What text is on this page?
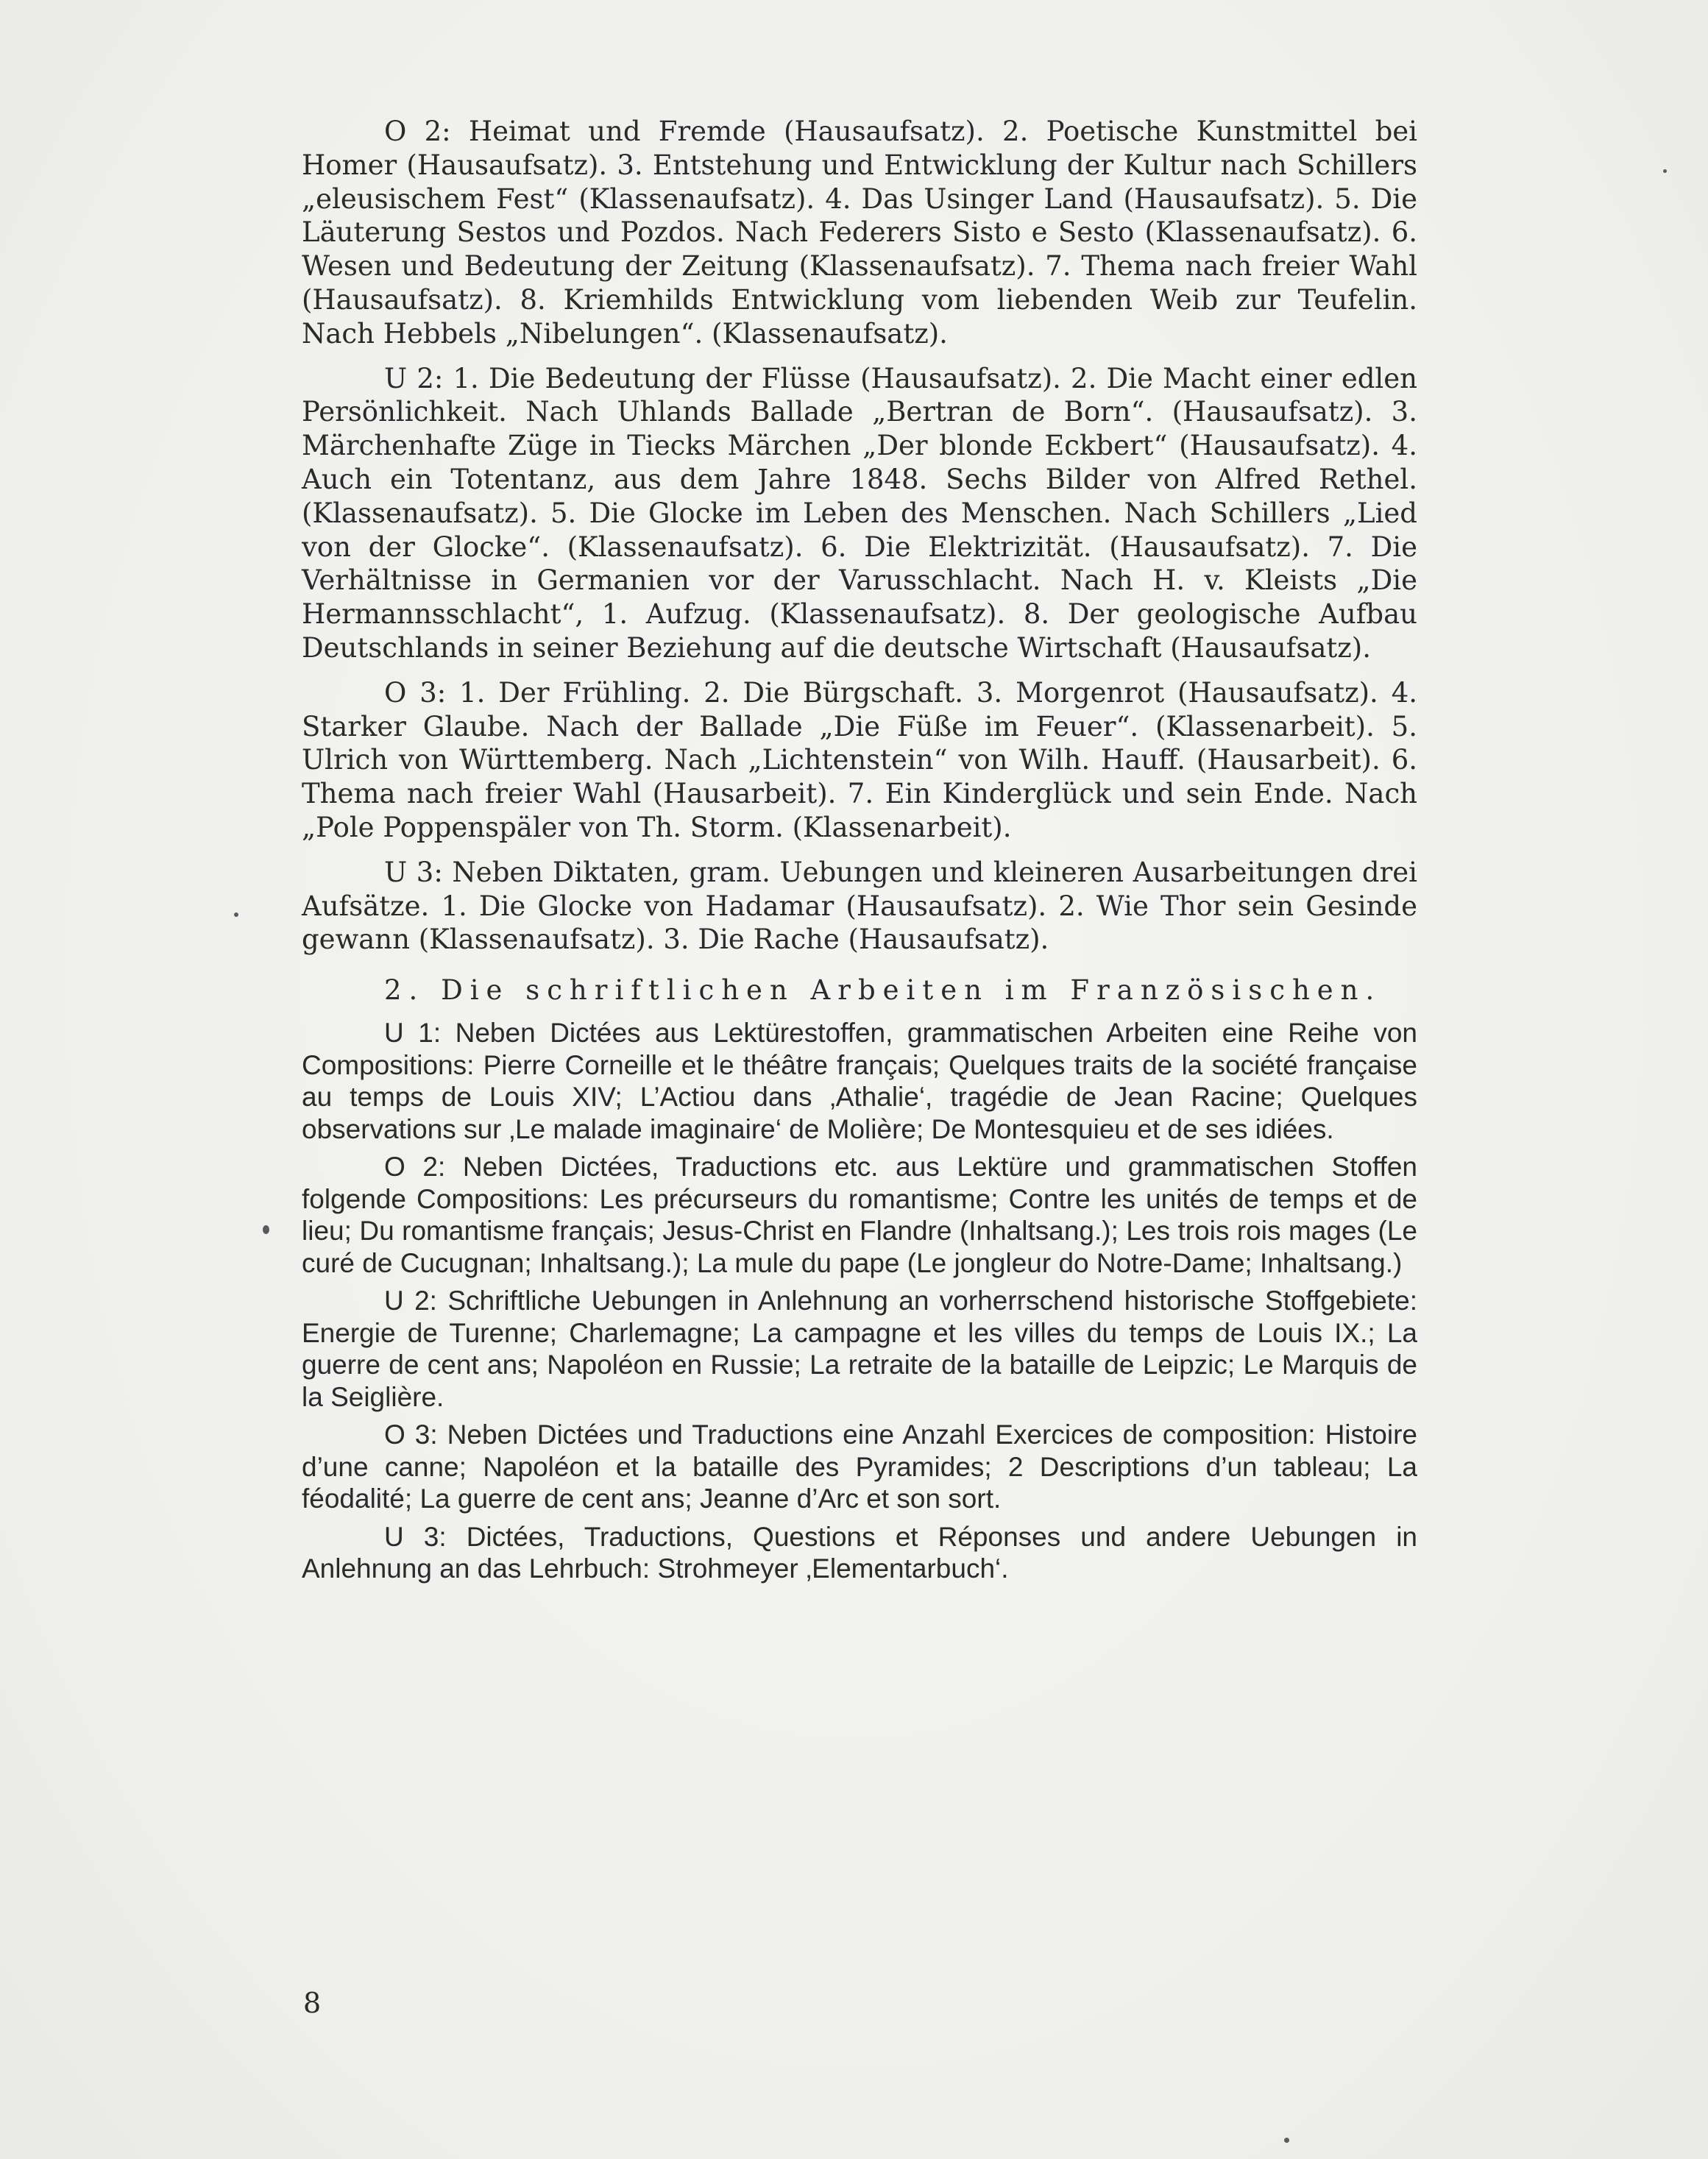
O 2: Heimat und Fremde (Hausaufsatz). 2. Poetische Kunstmittel bei Homer (Hausaufsatz). 3. Entstehung und Entwicklung der Kultur nach Schillers „eleusischem Fest“ (Klassenaufsatz). 4. Das Usinger Land (Hausaufsatz). 5. Die Läuterung Sestos und Pozdos. Nach Federers Sisto e Sesto (Klassenaufsatz). 6. Wesen und Bedeutung der Zeitung (Klassenaufsatz). 7. Thema nach freier Wahl (Hausaufsatz). 8. Kriemhilds Entwicklung vom liebenden Weib zur Teufelin. Nach Hebbels „Nibelungen“. (Klassenaufsatz).

U 2: 1. Die Bedeutung der Flüsse (Hausaufsatz). 2. Die Macht einer edlen Persönlichkeit. Nach Uhlands Ballade „Bertran de Born“. (Hausaufsatz). 3. Märchenhafte Züge in Tiecks Märchen „Der blonde Eckbert“ (Hausaufsatz). 4. Auch ein Totentanz, aus dem Jahre 1848. Sechs Bilder von Alfred Rethel. (Klassenaufsatz). 5. Die Glocke im Leben des Menschen. Nach Schillers „Lied von der Glocke“. (Klassenaufsatz). 6. Die Elektrizität. (Hausaufsatz). 7. Die Verhältnisse in Germanien vor der Varusschlacht. Nach H. v. Kleists „Die Hermannsschlacht“, 1. Aufzug. (Klassenaufsatz). 8. Der geologische Aufbau Deutschlands in seiner Beziehung auf die deutsche Wirtschaft (Hausaufsatz).

O 3: 1. Der Frühling. 2. Die Bürgschaft. 3. Morgenrot (Hausaufsatz). 4. Starker Glaube. Nach der Ballade „Die Füße im Feuer“. (Klassenarbeit). 5. Ulrich von Württemberg. Nach „Lichtenstein“ von Wilh. Hauff. (Hausarbeit). 6. Thema nach freier Wahl (Hausarbeit). 7. Ein Kinderglück und sein Ende. Nach „Pole Poppenspäler von Th. Storm. (Klassenarbeit).

U 3: Neben Diktaten, gram. Uebungen und kleineren Ausarbeitungen drei Aufsätze. 1. Die Glocke von Hadamar (Hausaufsatz). 2. Wie Thor sein Gesinde gewann (Klassenaufsatz). 3. Die Rache (Hausaufsatz).

2. Die schriftlichen Arbeiten im Französischen.

U 1: Neben Dictées aus Lektürestoffen, grammatischen Arbeiten eine Reihe von Compositions: Pierre Corneille et le théâtre français; Quelques traits de la société française au temps de Louis XIV; L’Actiou dans ‚Athalie‘, tragédie de Jean Racine; Quelques observations sur ‚Le malade imaginaire‘ de Molière; De Montesquieu et de ses idiées.

O 2: Neben Dictées, Traductions etc. aus Lektüre und grammatischen Stoffen folgende Compositions: Les précurseurs du romantisme; Contre les unités de temps et de lieu; Du romantisme français; Jesus-Christ en Flandre (Inhaltsang.); Les trois rois mages (Le curé de Cucugnan; Inhaltsang.); La mule du pape (Le jongleur do Notre-Dame; Inhaltsang.)

U 2: Schriftliche Uebungen in Anlehnung an vorherrschend historische Stoffgebiete: Energie de Turenne; Charlemagne; La campagne et les villes du temps de Louis IX.; La guerre de cent ans; Napoléon en Russie; La retraite de la bataille de Leipzic; Le Marquis de la Seiglière.

O 3: Neben Dictées und Traductions eine Anzahl Exercices de composition: Histoire d’une canne; Napoléon et la bataille des Pyramides; 2 Descriptions d’un tableau; La féodalité; La guerre de cent ans; Jeanne d’Arc et son sort.

U 3: Dictées, Traductions, Questions et Réponses und andere Uebungen in Anlehnung an das Lehrbuch: Strohmeyer ‚Elementarbuch‘.

8
